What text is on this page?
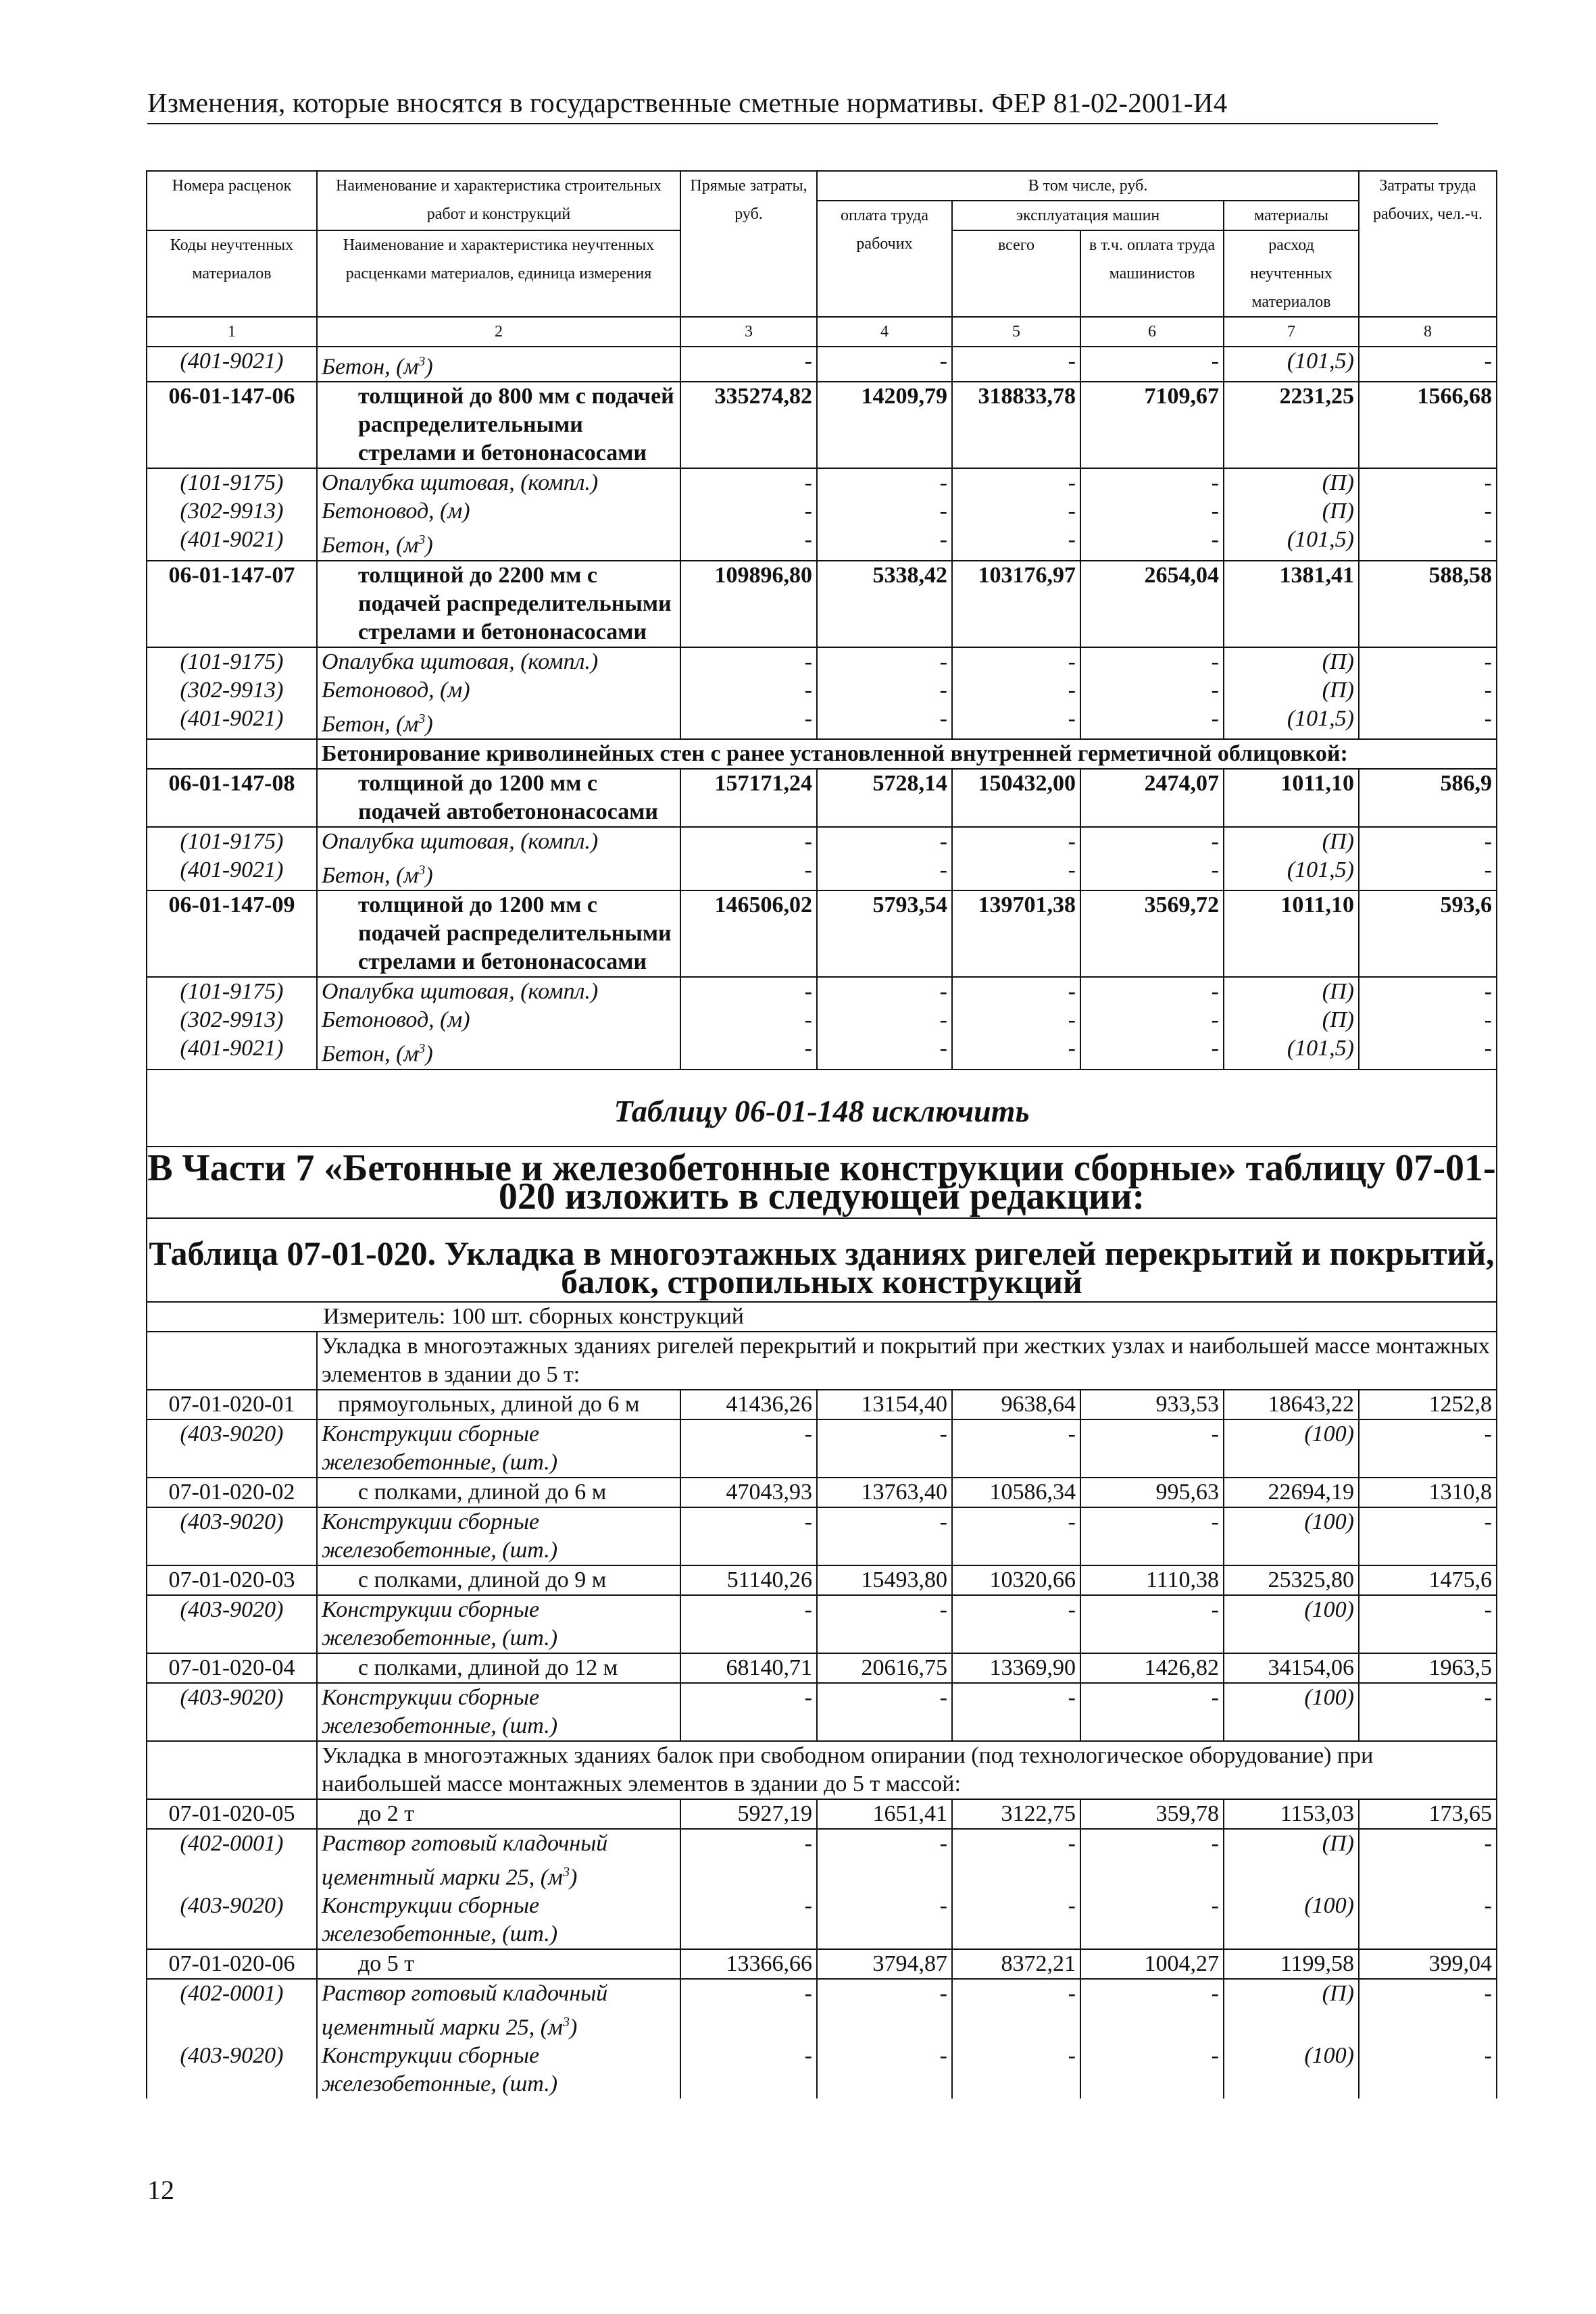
Изменения, которые вносятся в государственные сметные нормативы. ФЕР 81-02-2001-И4
Номера расценок	Наименование и характеристика строительных работ и конструкций	Прямые затраты, руб.	В том числе, руб.				Затраты труда рабочих, чел.-ч.
			оплата труда рабочих	эксплуатация машин		материалы	
Коды неучтенных материалов	Наименование и характеристика неучтенных расценками материалов, единица измерения			всего	в т.ч. оплата труда машинистов	расход неучтенных материалов	

1	2	3	4	5	6	7	8
(401-9021)	Бетон, $(м^3)$	-	-	-	-	(101,5)	-
06-01-147-06	толщиной до 800 мм с подачей распределительными стрелами и бетононасосами	335274,82	14209,79	318833,78	7109,67	2231,25	1566,68
(101-9175)	Опалубка щитовая, (компл.)	-	-	-	-	(П)	-
(302-9913)	Бетоновод, (м)	-	-	-	-	(П)	-
(401-9021)	Бетон, $(м^3)$	-	-	-	-	(101,5)	-
06-01-147-07	толщиной до 2200 мм с подачей распределительными стрелами и бетононасосами	109896,80	5338,42	103176,97	2654,04	1381,41	588,58
(101-9175)	Опалубка щитовая, (компл.)	-	-	-	-	(П)	-
(302-9913)	Бетоновод, (м)	-	-	-	-	(П)	-
(401-9021)	Бетон, $(м^3)$	-	-	-	-	(101,5)	-
	Бетонирование криволинейных стен с ранее установленной внутренней герметичной облицовкой:						
06-01-147-08	толщиной до 1200 мм с подачей автобетононасосами	157171,24	5728,14	150432,00	2474,07	1011,10	586,9
(101-9175)	Опалубка щитовая, (компл.)	-	-	-	-	(П)	-
(401-9021)	Бетон, $(м^3)$	-	-	-	-	(101,5)	-
06-01-147-09	толщиной до 1200 мм с подачей распределительными стрелами и бетононасосами	146506,02	5793,54	139701,38	3569,72	1011,10	593,6
(101-9175)	Опалубка щитовая, (компл.)	-	-	-	-	(П)	-
(302-9913)	Бетоновод, (м)	-	-	-	-	(П)	-
(401-9021)	Бетон, $(м^3)$	-	-	-	-	(101,5)	-
Таблицу 06-01-148 исключить							
В Части 7 «Бетонные и железобетонные конструкции сборные» таблицу 07-01-020 изложить в следующей редакции:							
Таблица 07-01-020. Укладка в многоэтажных зданиях ригелей перекрытий и покрытий, балок, стропильных конструкций							
Измеритель: 100 шт. сборных конструкций							
	Укладка в многоэтажных зданиях ригелей перекрытий и покрытий при жестких узлах и наибольшей массе монтажных элементов в здании до 5 т:						
07-01-020-01	прямоугольных, длиной до 6 м	41436,26	13154,40	9638,64	933,53	18643,22	1252,8
(403-9020)	Конструкции сборные железобетонные, (шт.)	-	-	-	-	(100)	-
07-01-020-02	с полками, длиной до 6 м	47043,93	13763,40	10586,34	995,63	22694,19	1310,8
(403-9020)	Конструкции сборные железобетонные, (шт.)	-	-	-	-	(100)	-
07-01-020-03	с полками, длиной до 9 м	51140,26	15493,80	10320,66	1110,38	25325,80	1475,6
(403-9020)	Конструкции сборные железобетонные, (шт.)	-	-	-	-	(100)	-
07-01-020-04	с полками, длиной до 12 м	68140,71	20616,75	13369,90	1426,82	34154,06	1963,5
(403-9020)	Конструкции сборные железобетонные, (шт.)	-	-	-	-	(100)	-
	Укладка в многоэтажных зданиях балок при свободном опирании (под технологическое оборудование) при наибольшей массе монтажных элементов в здании до 5 т массой:						
07-01-020-05	до 2 т	5927,19	1651,41	3122,75	359,78	1153,03	173,65
(402-0001)	Раствор готовый кладочный цементный марки 25, $(м^3)$	-	-	-	-	(П)	-
(403-9020)	Конструкции сборные железобетонные, (шт.)	-	-	-	-	(100)	-
07-01-020-06	до 5 т	13366,66	3794,87	8372,21	1004,27	1199,58	399,04
(402-0001)	Раствор готовый кладочный цементный марки 25, $(м^3)$	-	-	-	-	(П)	-
(403-9020)	Конструкции сборные железобетонные, (шт.)	-	-	-	-	(100)	-
12
